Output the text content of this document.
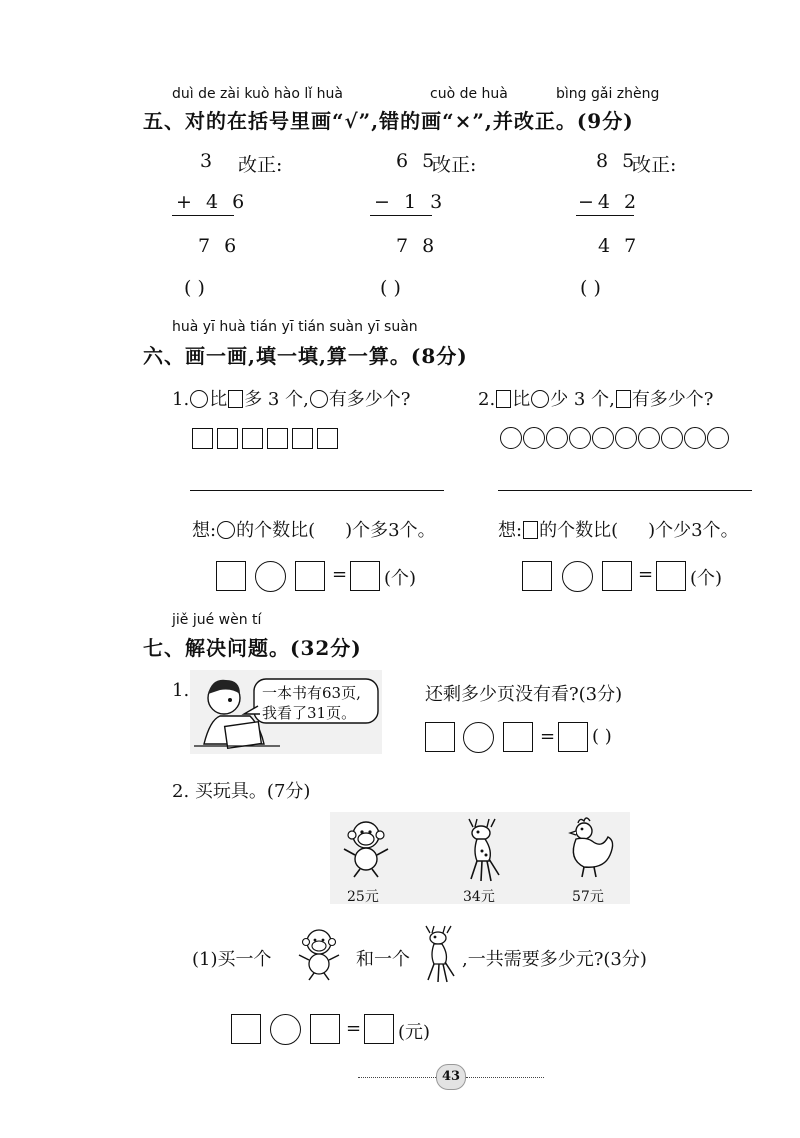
duì de zài kuò hào lǐ huà	cuò de huà	bìng gǎi zhèng
五、对的在括号里画“√”,错的画“×”,并改正。(9分)
3 改正:
+ 4 6
7 6
( )
6 5
改正:
− 1 3
7 8
( )
8 5
改正:
−4 2
4 7
( )
huà yī huà tián yī tián suàn yī suàn
六、画一画,填一填,算一算。(8分)
1. 比 多 3 个, 有多少个?
想: 的个数比( )个多3个。
= (个)
2. 比 少 3 个, 有多少个?
想: 的个数比( )个少3个。
= (个)
jiě jué wèn tí
七、解决问题。(32分)
1.	一本书有63页,
我看了31页。
还剩多少页没有看?(3分)
= ( )
2. 买玩具。(7分)
25元	34元	57元
(1)买一个	和一个	,一共需要多少元?(3分)
= (元)
43
